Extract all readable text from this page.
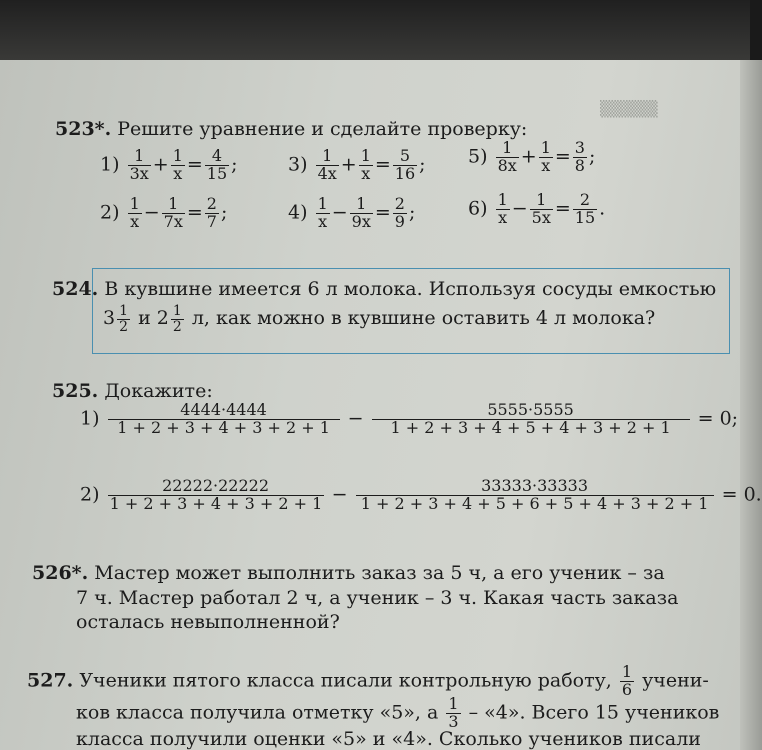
▒▒▒▒▒
523*. Решите уравнение и сделайте проверку:
$1) \frac{1}{3x} + \frac{1}{x} = \frac{4}{15}$ ;	$3) \frac{1}{4x} + \frac{1}{x} = \frac{5}{16}$ ; $5) \frac{1}{8x} + \frac{1}{x} = \frac{3}{8}$ ;
$2) \frac{1}{x} - \frac{1}{7x} = \frac{2}{7}$ ;	$4) \frac{1}{x} - \frac{1}{9x} = \frac{2}{9}$ ;	$6) \frac{1}{x} - \frac{1}{5x} = \frac{2}{15}$ .
524. В кувшине имеется 6 л молока. Используя сосуды емкостью
$3 \frac{1}{2}$ и $2 \frac{1}{2} л$, как можно в кувшине оставить 4 л молока?
525. Докажите:
$1) \frac{4444\cdot 4444}{1 + 2 + 3 + 4 + 3 + 2 + 1} - \frac{5555\cdot 5555}{1 + 2 + 3 + 4 + 5 + 4 + 3 + 2 + 1} = 0$;
$2) \frac{22222\cdot 22222}{1 + 2 + 3 + 4 + 3 + 2 + 1} - \frac{33333\cdot 33333}{1 + 2 + 3 + 4 + 5 + 6 + 5 + 4 + 3 + 2 + 1} = 0$.
526*. Мастер может выполнить заказ за 5 ч, а его ученик – за
7 ч. Мастер работал 2 ч, а ученик – 3 ч. Какая часть заказа
осталась невыполненной?
527. Ученики пятого класса писали контрольную работу, $\frac{1}{6}$ учени-
ков класса получила отметку «5», а $\frac{1}{3}$ – «4». Всего 15 учеников
класса получили оценки «5» и «4». Сколько учеников писали
